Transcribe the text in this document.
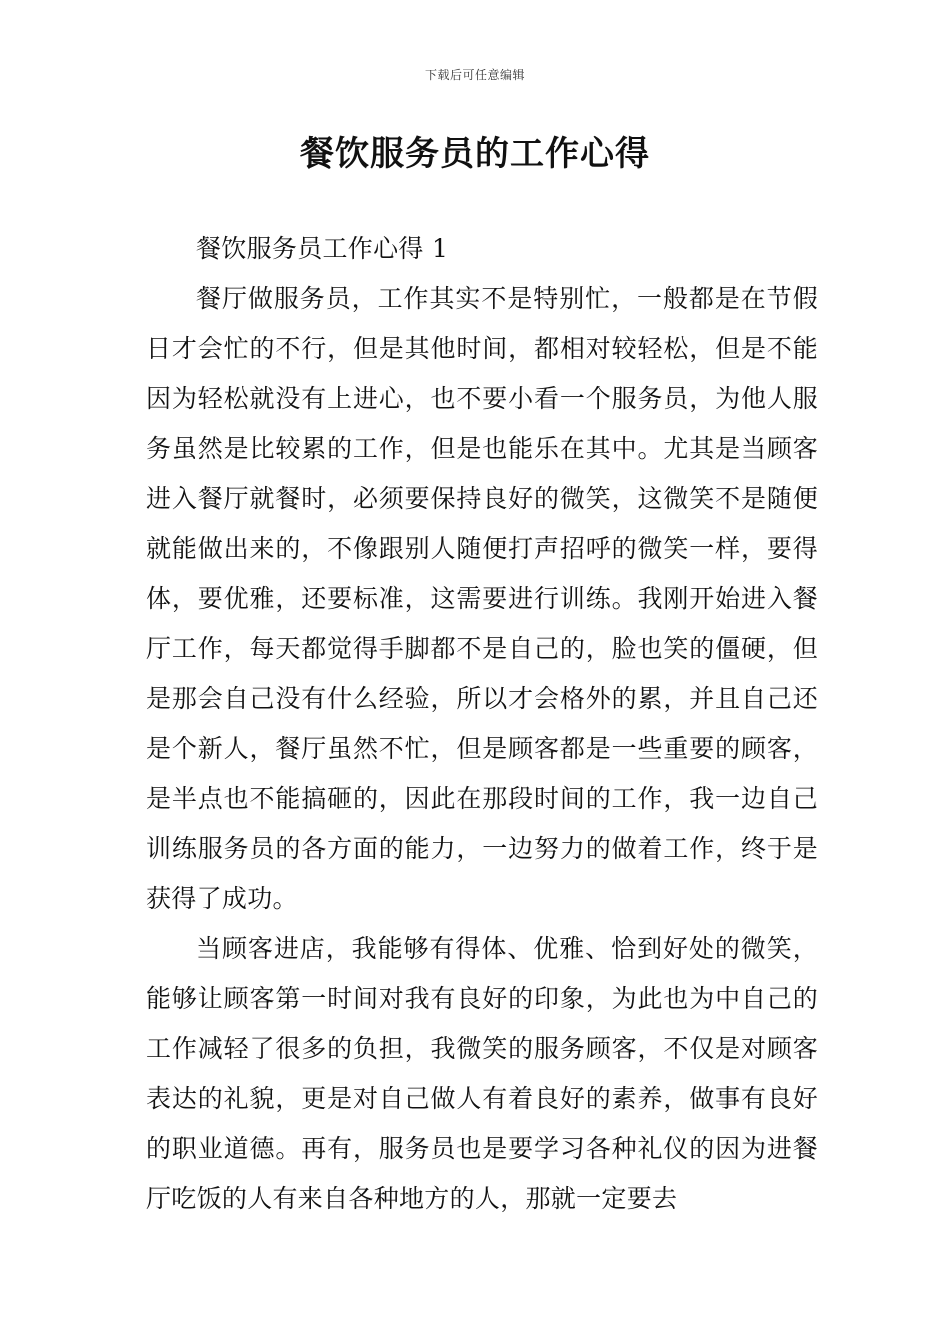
下载后可任意编辑
餐饮服务员的工作心得

餐饮服务员工作心得 1

餐厅做服务员，工作其实不是特别忙，一般都是在节假日才会忙的不行，但是其他时间，都相对较轻松，但是不能因为轻松就没有上进心，也不要小看一个服务员，为他人服务虽然是比较累的工作，但是也能乐在其中。尤其是当顾客进入餐厅就餐时，必须要保持良好的微笑，这微笑不是随便就能做出来的，不像跟别人随便打声招呼的微笑一样，要得体，要优雅，还要标准，这需要进行训练。我刚开始进入餐厅工作，每天都觉得手脚都不是自己的，脸也笑的僵硬，但是那会自己没有什么经验，所以才会格外的累，并且自己还是个新人，餐厅虽然不忙，但是顾客都是一些重要的顾客，是半点也不能搞砸的，因此在那段时间的工作，我一边自己训练服务员的各方面的能力，一边努力的做着工作，终于是获得了成功。

当顾客进店，我能够有得体、优雅、恰到好处的微笑，能够让顾客第一时间对我有良好的印象，为此也为中自己的工作减轻了很多的负担，我微笑的服务顾客，不仅是对顾客表达的礼貌，更是对自己做人有着良好的素养，做事有良好的职业道德。再有，服务员也是要学习各种礼仪的因为进餐厅吃饭的人有来自各种地方的人，那就一定要去
